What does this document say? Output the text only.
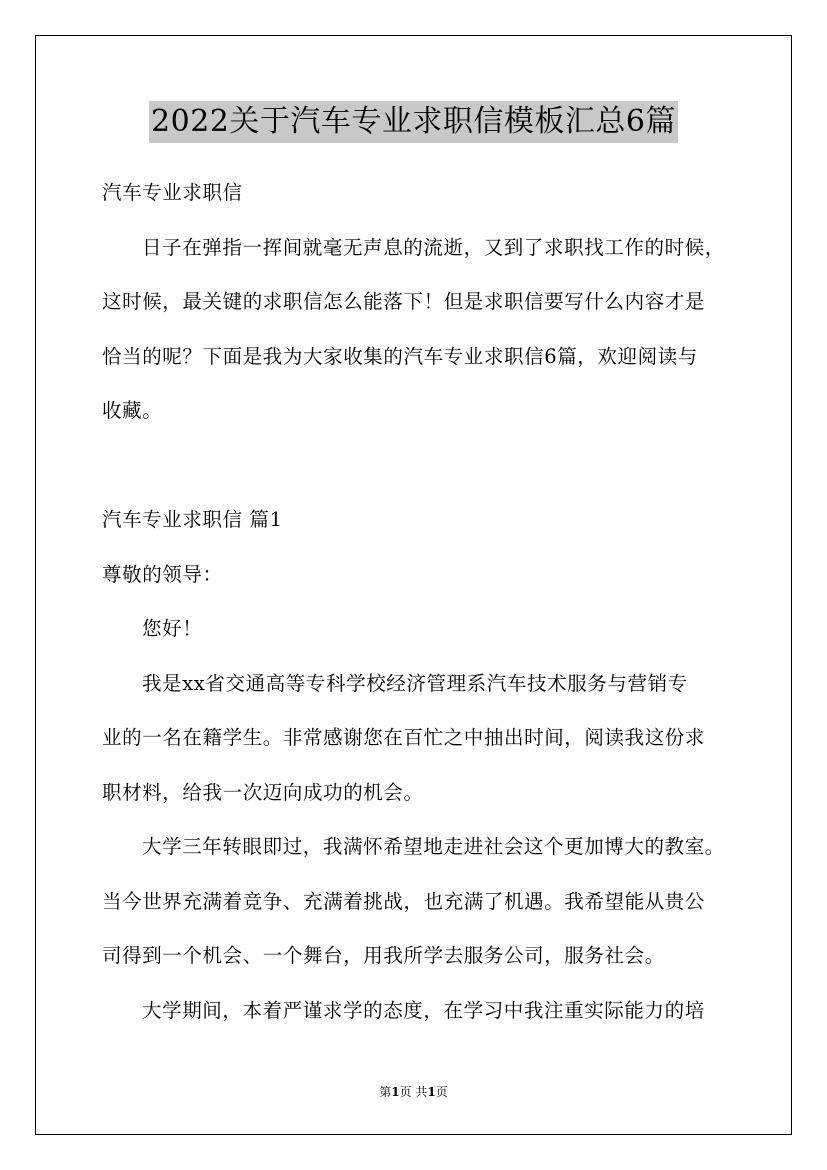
2022关于汽车专业求职信模板汇总6篇
汽车专业求职信
日子在弹指一挥间就毫无声息的流逝，又到了求职找工作的时候，
这时候，最关键的求职信怎么能落下！但是求职信要写什么内容才是
恰当的呢？下面是我为大家收集的汽车专业求职信6篇，欢迎阅读与
收藏。
汽车专业求职信 篇1
尊敬的领导：
您好！
我是xx省交通高等专科学校经济管理系汽车技术服务与营销专
业的一名在籍学生。非常感谢您在百忙之中抽出时间，阅读我这份求
职材料，给我一次迈向成功的机会。
大学三年转眼即过，我满怀希望地走进社会这个更加博大的教室。
当今世界充满着竞争、充满着挑战，也充满了机遇。我希望能从贵公
司得到一个机会、一个舞台，用我所学去服务公司，服务社会。
大学期间，本着严谨求学的态度，在学习中我注重实际能力的培
第1页 共1页
